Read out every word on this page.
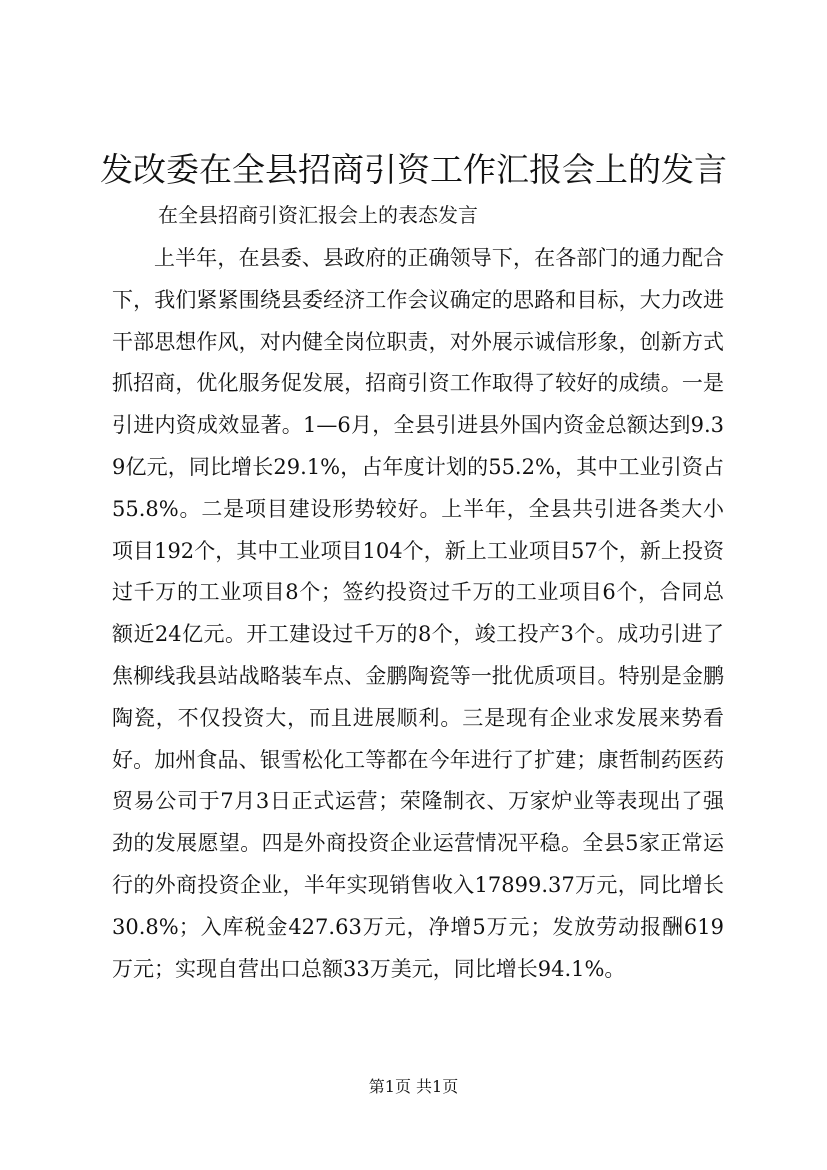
发改委在全县招商引资工作汇报会上的发言
在全县招商引资汇报会上的表态发言

上半年，在县委、县政府的正确领导下，在各部门的通力配合下，我们紧紧围绕县委经济工作会议确定的思路和目标，大力改进干部思想作风，对内健全岗位职责，对外展示诚信形象，创新方式抓招商，优化服务促发展，招商引资工作取得了较好的成绩。一是引进内资成效显著。1—6月，全县引进县外国内资金总额达到9.39亿元，同比增长29.1%，占年度计划的55.2%，其中工业引资占55.8%。二是项目建设形势较好。上半年，全县共引进各类大小项目192个，其中工业项目104个，新上工业项目57个，新上投资过千万的工业项目8个；签约投资过千万的工业项目6个，合同总额近24亿元。开工建设过千万的8个，竣工投产3个。成功引进了焦柳线我县站战略装车点、金鹏陶瓷等一批优质项目。特别是金鹏陶瓷，不仅投资大，而且进展顺利。三是现有企业求发展来势看好。加州食品、银雪松化工等都在今年进行了扩建；康哲制药医药贸易公司于7月3日正式运营；荣隆制衣、万家炉业等表现出了强劲的发展愿望。四是外商投资企业运营情况平稳。全县5家正常运行的外商投资企业，半年实现销售收入17899.37万元，同比增长30.8%；入库税金427.63万元，净增5万元；发放劳动报酬619万元；实现自营出口总额33万美元，同比增长94.1%。

第1页 共1页
